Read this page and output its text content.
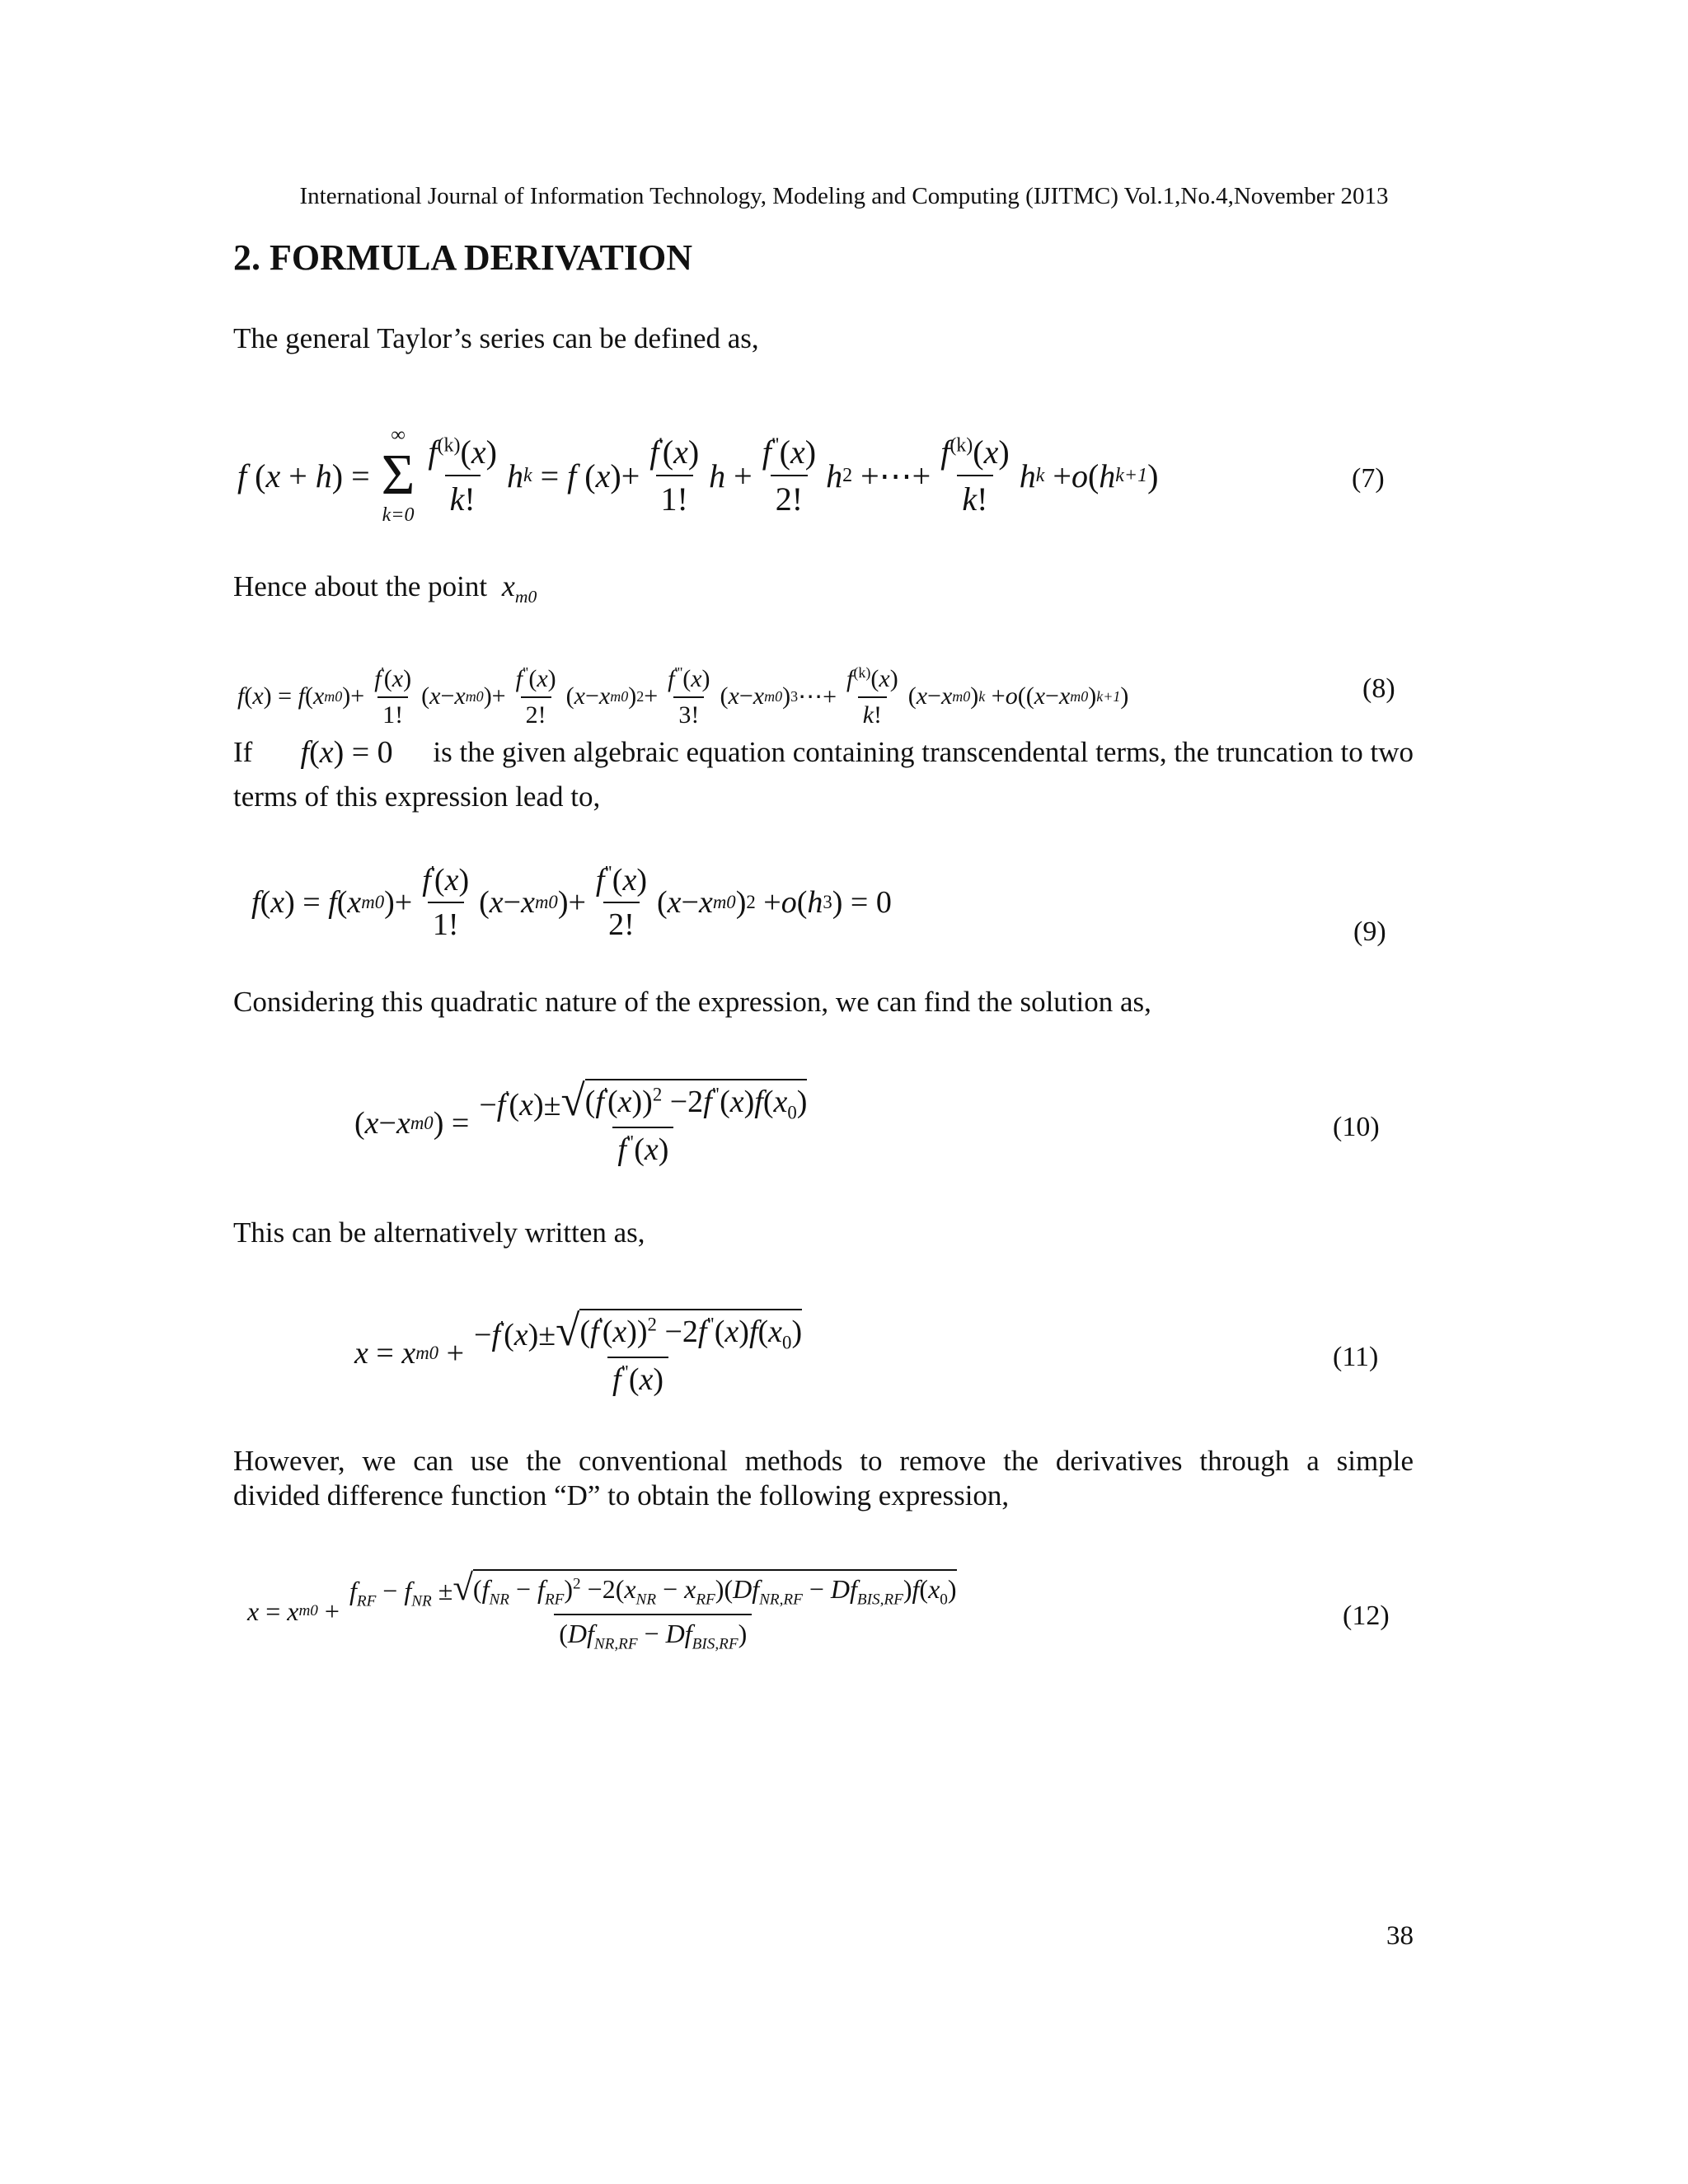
International Journal of Information Technology, Modeling and Computing (IJITMC) Vol.1,No.4,November 2013
2. FORMULA DERIVATION
The general Taylor’s series can be defined as,
f ( x + h ) =
∞
Σ
$k=0 \frac{f^{(k)}(x)}{k!}$ h k = f ( x )+ $\frac{f'(x)}{1!}$ $h + \frac{f^"(x)}{2!}$ h 2 +⋯+ $\frac{f^{(k)}(x)}{k!}$ h k + o ( h k+1 )	(7)
Hence about the point  $x_{m0}$
f ( x ) = f ( x m0 )+ $\frac{f'(x)}{1!}$ ( x − x m0 )+ $\frac{f^"(x)}{2!}$ ( x − x m0 ) $2 + \frac{f'''(x)}{3!}$ ( x − x m0 ) 3 ⋯+ $\frac{f^{(k)}(x)}{k!}$ ( x − x m0 ) k + o (( x − x m0 ) k+1 )	(8)
If f(x) = 0 is the given algebraic equation containing transcendental terms, the truncation to two
terms of this expression lead to,
f ( x ) = f ( x m0 )+ $\frac{f'(x)}{1!}$ ( x − x m0 )+ $\frac{f^"(x)}{2!}$ ( x − x m0 ) 2 + o ( h 3 ) = 0
(9)
Considering this quadratic nature of the expression, we can find the solution as,
( x − x m0 ) = $\frac{-f'(x)\pm √ (f'(x))^2 -2f^"(x)f(x_0)}{f^"(x)}$	(10)
This can be alternatively written as,
x = x $m0 + \frac{-f'(x)\pm √ (f'(x))^2 -2f^"(x)f(x_0)}{f^"(x)}$	(11)
However, we can use the conventional methods to remove the derivatives through a simple
divided difference function “D” to obtain the following expression,
x = x m0 +
$f_{RF} - f_{NR}$ ± √ $(f_{NR} - f_{RF})^2 -2(x_{NR} - x_{RF})(Df_{NR,RF} - Df_{BIS,RF})f(x_0)$
$(Df_{NR,RF} - Df_{BIS,RF})$
(12)
38
